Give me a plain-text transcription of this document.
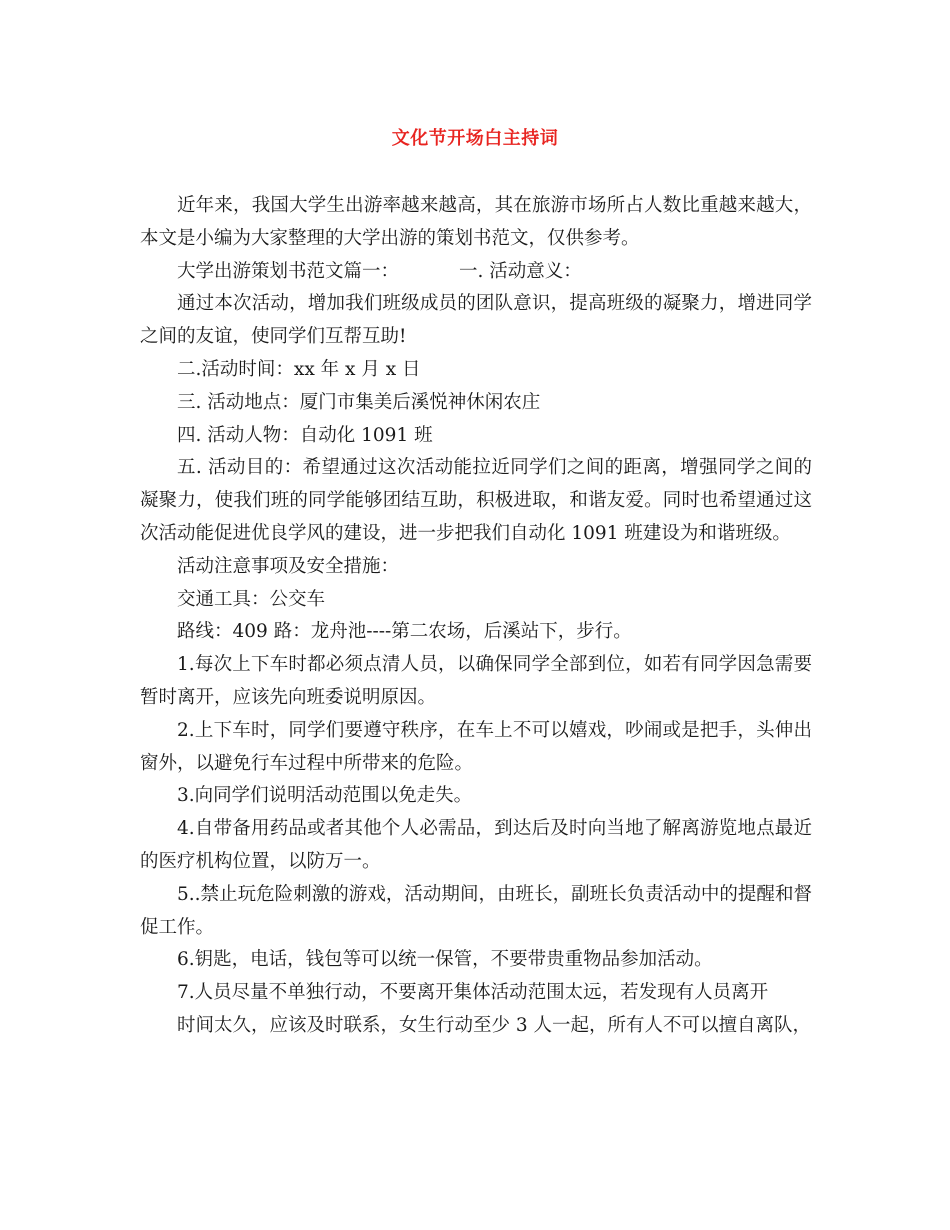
文化节开场白主持词

近年来，我国大学生出游率越来越高，其在旅游市场所占人数比重越来越大，本文是小编为大家整理的大学出游的策划书范文，仅供参考。

大学出游策划书范文篇一：	一. 活动意义：

通过本次活动，增加我们班级成员的团队意识，提高班级的凝聚力，增进同学之间的友谊，使同学们互帮互助!

二.活动时间：xx 年 x 月 x 日

三. 活动地点：厦门市集美后溪悦神休闲农庄

四. 活动人物：自动化 1091 班

五. 活动目的：希望通过这次活动能拉近同学们之间的距离，增强同学之间的凝聚力，使我们班的同学能够团结互助，积极进取，和谐友爱。同时也希望通过这次活动能促进优良学风的建设，进一步把我们自动化 1091 班建设为和谐班级。

活动注意事项及安全措施：

交通工具：公交车

路线：409 路：龙舟池----第二农场，后溪站下，步行。

1.每次上下车时都必须点清人员，以确保同学全部到位，如若有同学因急需要暂时离开，应该先向班委说明原因。

2.上下车时，同学们要遵守秩序，在车上不可以嬉戏，吵闹或是把手，头伸出窗外，以避免行车过程中所带来的危险。

3.向同学们说明活动范围以免走失。

4.自带备用药品或者其他个人必需品，到达后及时向当地了解离游览地点最近的医疗机构位置，以防万一。

5..禁止玩危险刺激的游戏，活动期间，由班长，副班长负责活动中的提醒和督促工作。

6.钥匙，电话，钱包等可以统一保管，不要带贵重物品参加活动。

7.人员尽量不单独行动，不要离开集体活动范围太远，若发现有人员离开

时间太久，应该及时联系，女生行动至少 3 人一起，所有人不可以擅自离队，
